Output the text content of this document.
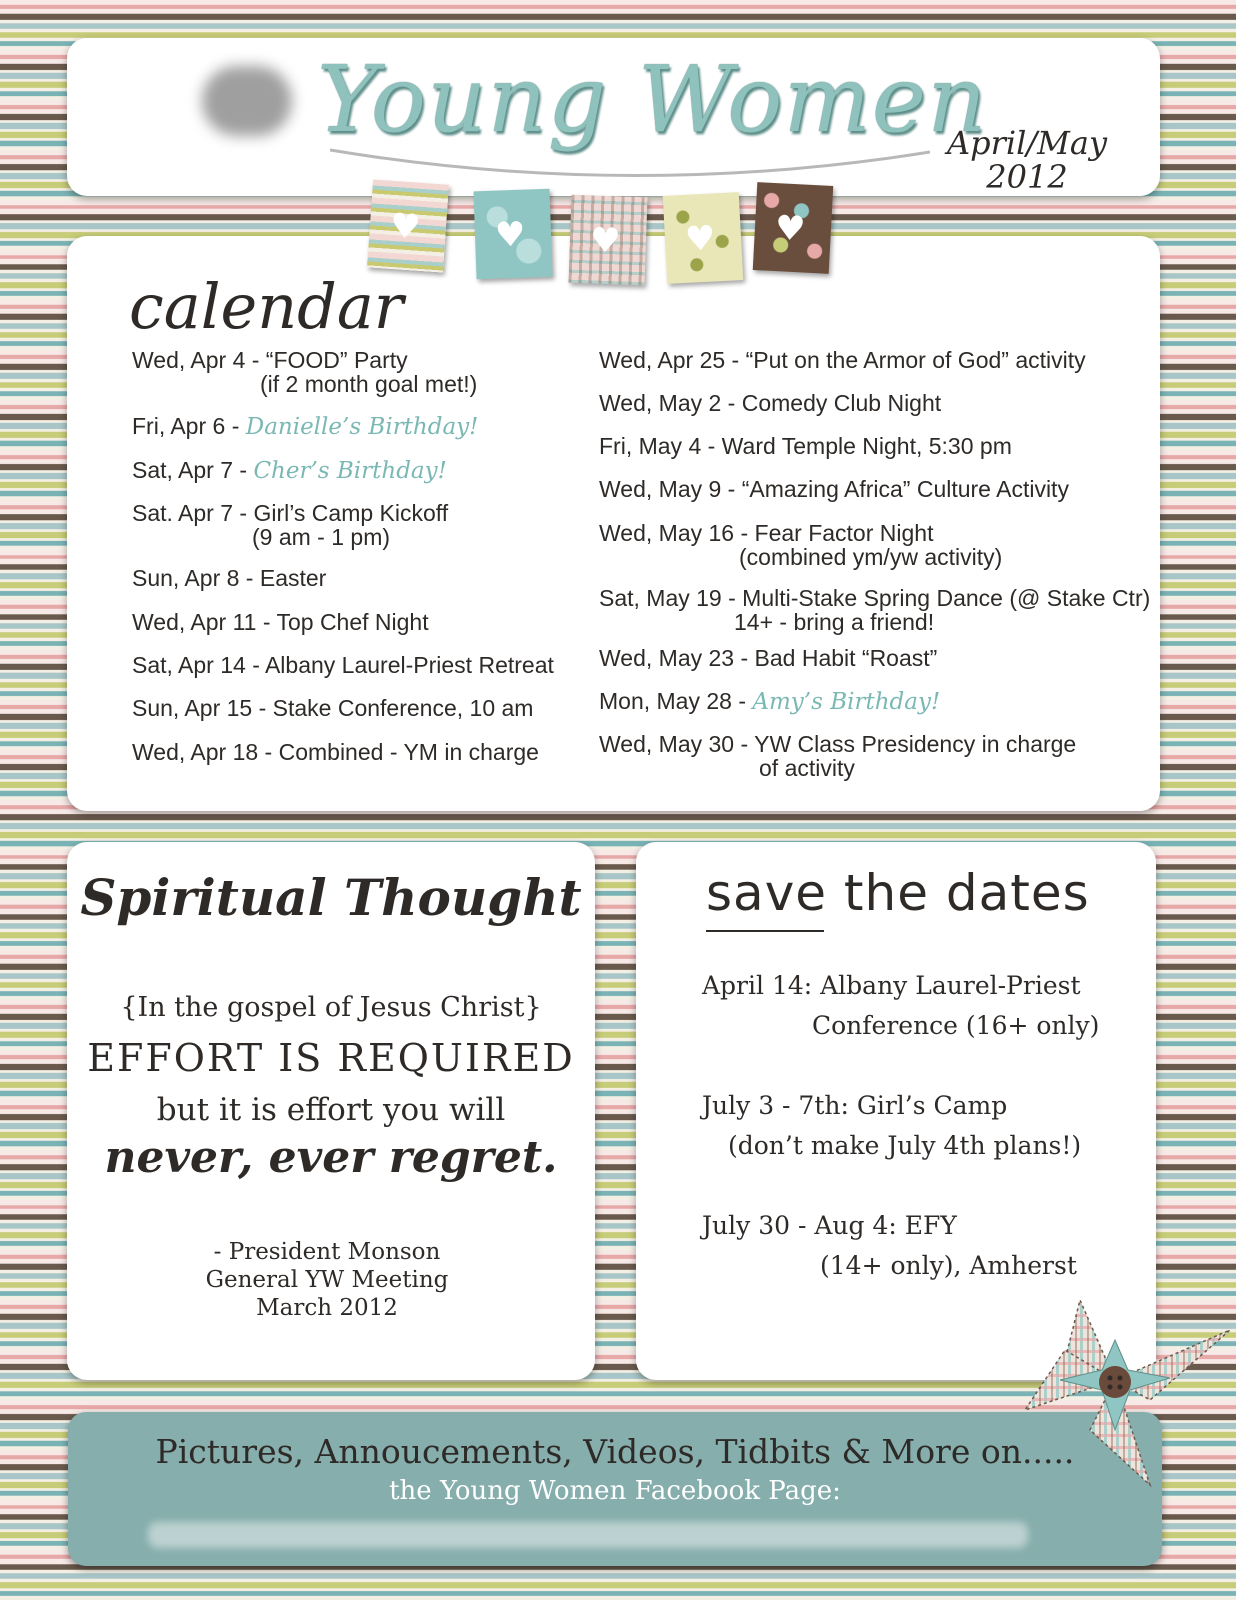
Young Women
April/May
2012
♥ ♥ ♥ ♥ ♥
calendar
Wed, Apr 4 - “FOOD” Party
(if 2 month goal met!)
Fri, Apr 6 - Danielle’s Birthday!
Sat, Apr 7 - Cher’s Birthday!
Sat. Apr 7 - Girl’s Camp Kickoff
(9 am - 1 pm)
Sun, Apr 8 - Easter
Wed, Apr 11 - Top Chef Night
Sat, Apr 14 - Albany Laurel-Priest Retreat
Sun, Apr 15 - Stake Conference, 10 am
Wed, Apr 18 - Combined - YM in charge
Wed, Apr 25 - “Put on the Armor of God” activity
Wed, May 2 - Comedy Club Night
Fri, May 4 - Ward Temple Night, 5:30 pm
Wed, May 9 - “Amazing Africa” Culture Activity
Wed, May 16 - Fear Factor Night
(combined ym/yw activity)
Sat, May 19 - Multi-Stake Spring Dance (@ Stake Ctr)
14+ - bring a friend!
Wed, May 23 - Bad Habit “Roast”
Mon, May 28 - Amy’s Birthday!
Wed, May 30 - YW Class Presidency in charge
of activity
Spiritual Thought
{In the gospel of Jesus Christ}
EFFORT IS REQUIRED
but it is effort you will
never, ever regret.
- President Monson
General YW Meeting
March 2012
save the dates
April 14: Albany Laurel-Priest
Conference (16+ only)
July 3 - 7th: Girl’s Camp
(don’t make July 4th plans!)
July 30 - Aug 4: EFY
(14+ only), Amherst
Pictures, Annoucements, Videos, Tidbits & More on.....
the Young Women Facebook Page:
